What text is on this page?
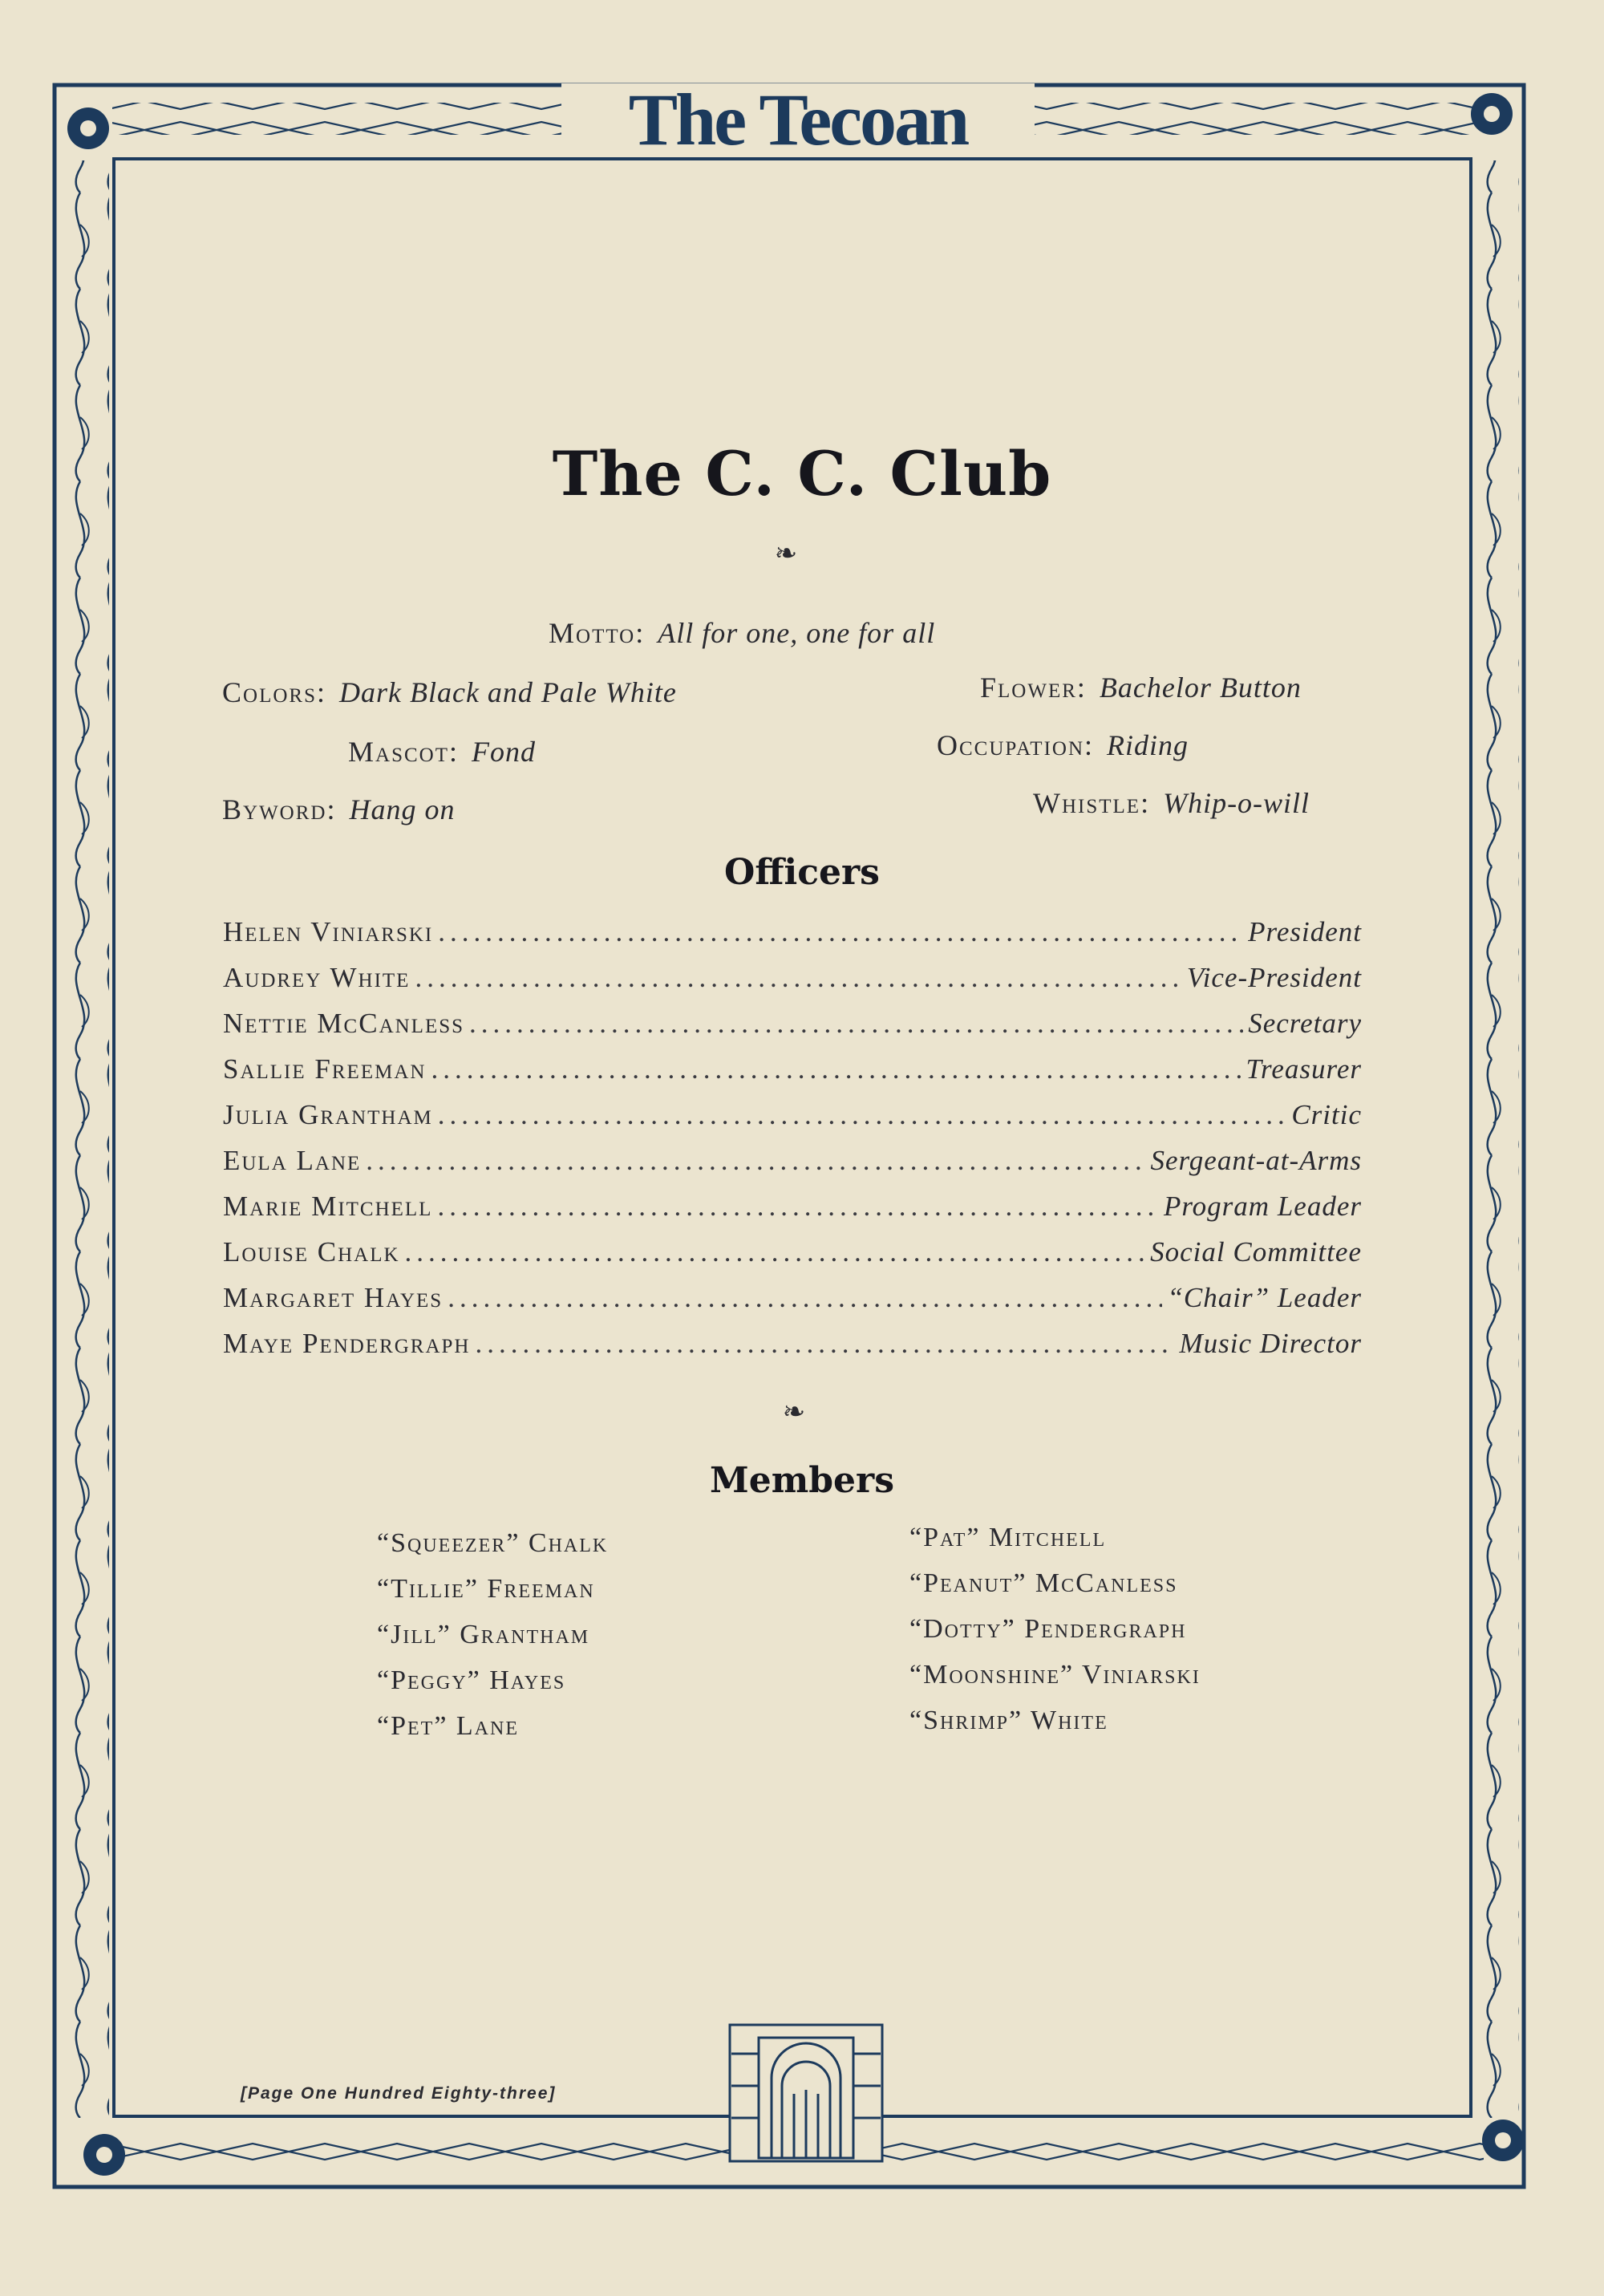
The Tecoan
The C. C. Club
❧
Motto: All for one, one for all
Colors: Dark Black and Pale White	Flower: Bachelor Button
Mascot: Fond	Occupation: Riding
Byword: Hang on	Whistle: Whip-o-will
Officers
Helen Viniarski .....	President
Audrey White .....	Vice-President
Nettie McCanless .....	Secretary
Sallie Freeman .....	Treasurer
Julia Grantham .....	Critic
Eula Lane .....	Sergeant-at-Arms
Marie Mitchell .....	Program Leader
Louise Chalk .....	Social Committee
Margaret Hayes .....	“Chair” Leader
Maye Pendergraph .....	Music Director
❧
Members
“Squeezer” Chalk
“Tillie” Freeman
“Jill” Grantham
“Peggy” Hayes
“Pet” Lane
“Pat” Mitchell
“Peanut” McCanless
“Dotty” Pendergraph
“Moonshine” Viniarski
“Shrimp” White
[Page One Hundred Eighty-three]
